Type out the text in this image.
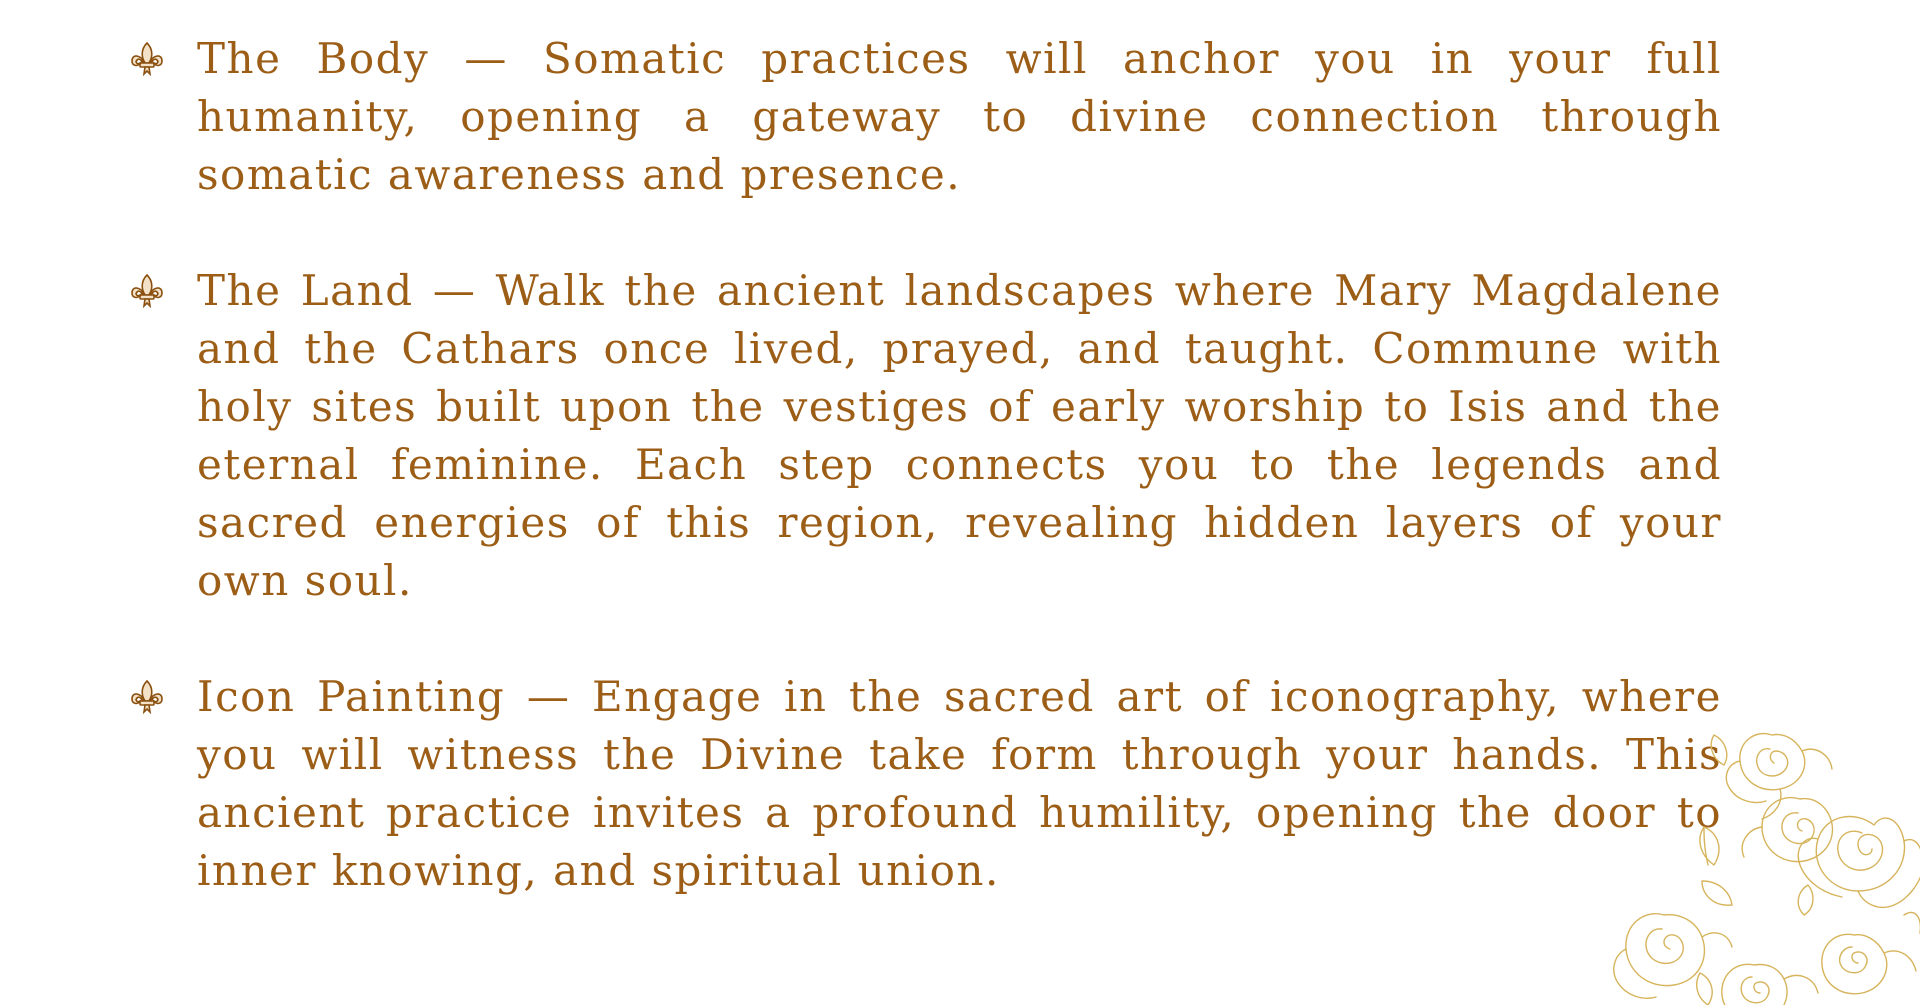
The Body — Somatic practices will anchor you in your full humanity, opening a gateway to divine connection through somatic awareness and presence.
The Land — Walk the ancient landscapes where Mary Magdalene and the Cathars once lived, prayed, and taught. Commune with holy sites built upon the vestiges of early worship to Isis and the eternal feminine. Each step connects you to the legends and sacred energies of this region, revealing hidden layers of your own soul.
Icon Painting — Engage in the sacred art of iconography, where you will witness the Divine take form through your hands. This ancient practice invites a profound humility, opening the door to inner knowing, and spiritual union.
